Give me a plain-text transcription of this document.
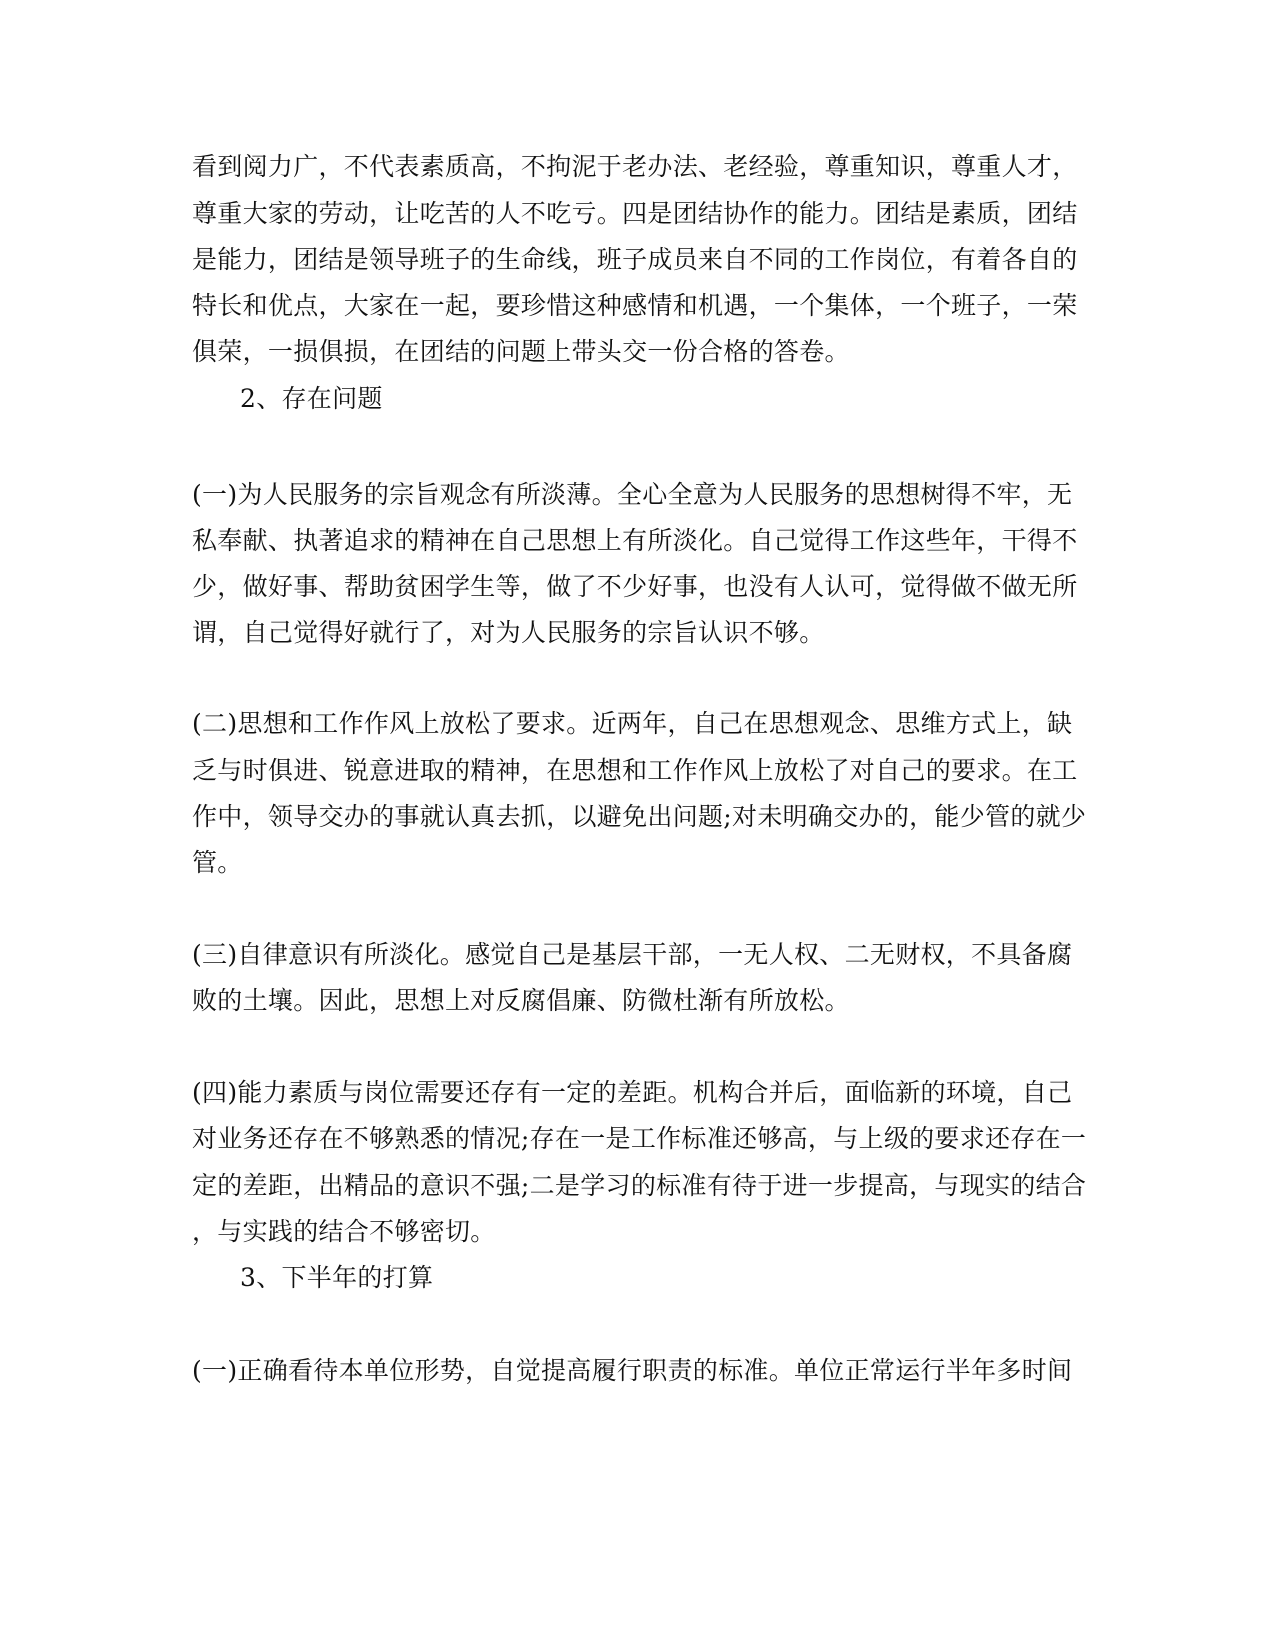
看到阅力广，不代表素质高，不拘泥于老办法、老经验，尊重知识，尊重人才，
尊重大家的劳动，让吃苦的人不吃亏。四是团结协作的能力。团结是素质，团结
是能力，团结是领导班子的生命线，班子成员来自不同的工作岗位，有着各自的
特长和优点，大家在一起，要珍惜这种感情和机遇，一个集体，一个班子，一荣
俱荣，一损俱损，在团结的问题上带头交一份合格的答卷。
2、存在问题
(一)为人民服务的宗旨观念有所淡薄。全心全意为人民服务的思想树得不牢，无
私奉献、执著追求的精神在自己思想上有所淡化。自己觉得工作这些年，干得不
少，做好事、帮助贫困学生等，做了不少好事，也没有人认可，觉得做不做无所
谓，自己觉得好就行了，对为人民服务的宗旨认识不够。
(二)思想和工作作风上放松了要求。近两年，自己在思想观念、思维方式上，缺
乏与时俱进、锐意进取的精神，在思想和工作作风上放松了对自己的要求。在工
作中，领导交办的事就认真去抓，以避免出问题;对未明确交办的，能少管的就少
管。
(三)自律意识有所淡化。感觉自己是基层干部，一无人权、二无财权，不具备腐
败的土壤。因此，思想上对反腐倡廉、防微杜渐有所放松。
(四)能力素质与岗位需要还存有一定的差距。机构合并后，面临新的环境，自己
对业务还存在不够熟悉的情况;存在一是工作标准还够高，与上级的要求还存在一
定的差距，出精品的意识不强;二是学习的标准有待于进一步提高，与现实的结合
，与实践的结合不够密切。
3、下半年的打算
(一)正确看待本单位形势，自觉提高履行职责的标准。单位正常运行半年多时间
